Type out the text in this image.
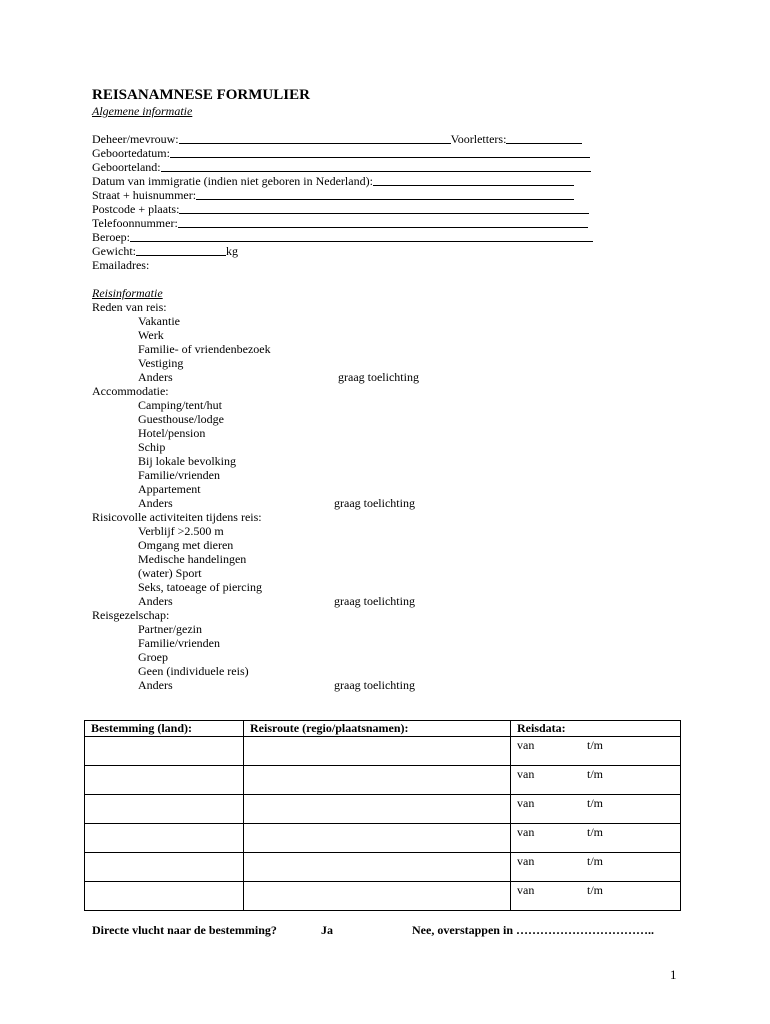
REISANAMNESE FORMULIER
Algemene informatie
Deheer/mevrouw:	Voorletters:
Geboortedatum:
Geboorteland:
Datum van immigratie (indien niet geboren in Nederland):
Straat + huisnummer:
Postcode + plaats:
Telefoonnummer:
Beroep:
Gewicht:	kg
Emailadres:
Reisinformatie
Reden van reis:
Vakantie
Werk
Familie- of vriendenbezoek
Vestiging
Anders	graag toelichting
Accommodatie:
Camping/tent/hut
Guesthouse/lodge
Hotel/pension
Schip
Bij lokale bevolking
Familie/vrienden
Appartement
Anders	graag toelichting
Risicovolle activiteiten tijdens reis:
Verblijf >2.500 m
Omgang met dieren
Medische handelingen
(water) Sport
Seks, tatoeage of piercing
Anders	graag toelichting
Reisgezelschap:
Partner/gezin
Familie/vrienden
Groep
Geen (individuele reis)
Anders	graag toelichting
Bestemming (land):	Reisroute (regio/plaatsnamen):	Reisdata:

		van t/m

		van t/m

		van t/m

		van t/m

		van t/m

		van t/m
Directe vlucht naar de bestemming?	Ja	Nee, overstappen in ……………………………..
1
